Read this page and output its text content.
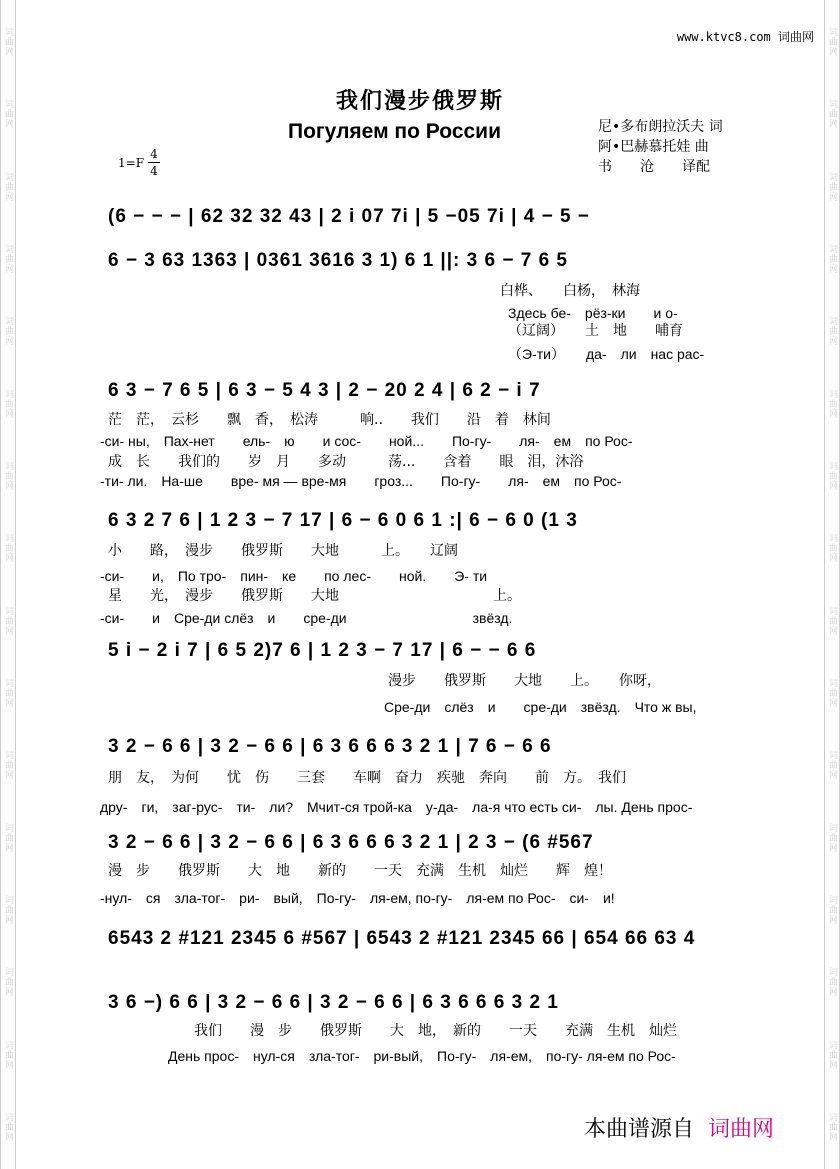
词曲网
词曲网
词曲网
词曲网
词曲网
词曲网
词曲网
词曲网
词曲网
词曲网
词曲网
词曲网
词曲网
词曲网
词曲网
词曲网
词曲网
词曲网
词曲网
词曲网
词曲网
词曲网
词曲网
词曲网
词曲网
词曲网
词曲网
词曲网
词曲网
词曲网
词曲网
词曲网
www.ktvc8.com 词曲网
我们漫步俄罗斯
Погуляем по России	尼•多布朗拉沃夫 词
阿•巴赫慕托娃 曲
书　　沧　　译配
1=F
4
4
(6 − − − | 62 32 32 43 | 2 i 07 7i | 5 −05 7i | 4 − 5 −
6 − 3 63 1363 | 0361 3616 3 1) 6 1 ||: 3 6 − 7 6 5
白桦、　　白杨，　林海
Здесь бе-　рёз-ки　　и о-
（辽阔）　　土　地　　哺育
（Э-ти）　　да-　ли　нас рас-
6 3 − 7 6 5 | 6 3 − 5 4 3 | 2 − 20 2 4 | 6 2 − i 7
茫　茫，　云杉　　飘　香，　松涛　　　响..　　我们　　沿　着　林间
-си- ны,　Пах-нет　　ель-　ю　　и сос-　　ной...　　По-гу-　　ля-　ем　по Рос-
成　长　　我们的　　岁　月　　多动　　　荡...　　含着　　眼　泪，沐浴
-ти- ли.　На-ше　　вре- мя — вре-мя　　гроз...　　По-гу-　　ля-　ем　по Рос-
6 3 2 7 6 | 1 2 3 − 7 17 | 6 − 6 0 6 1 :| 6 − 6 0 (1 3
小　　路，　漫步　　俄罗斯　　大地　　　上。　　辽阔
-си-　　и,　По тро-　пин-　ке　　по лес-　　ной.　　Э- ти
星　　光，　漫步　　俄罗斯　　大地　　　　　　　　　　　上。
-си-　　и　Сре-ди слёз　и　　сре-ди　　　　　　　　　звёзд.
5 i − 2 i 7 | 6 5 2)7 6 | 1 2 3 − 7 17 | 6 − − 6 6
漫步　　俄罗斯　　大地　　上。　　你呀，
Сре-ди　слёз　и　　сре-ди　звёзд.　Что ж вы,
3 2 − 6 6 | 3 2 − 6 6 | 6 3 6 6 6 3 2 1 | 7 6 − 6 6
朋　友，　为何　　忧　伤　　三套　　车啊　奋力　疾驰　奔向　　前　方。　我们
дру-　ги,　заг-рус-　ти-　ли?　Мчит-ся трой-ка　у-да-　ла-я что есть си-　лы. День прос-
3 2 − 6 6 | 3 2 − 6 6 | 6 3 6 6 6 3 2 1 | 2 3 − (6 #567
漫　步　　俄罗斯　　大　地　　新的　　一天　充满　生机　灿烂　　辉　煌！
-нул-　ся　зла-тог-　ри-　вый,　По-гу-　ля-ем, по-гу-　ля-ем по Рос-　си-　и!
6543 2 #121 2345 6 #567 | 6543 2 #121 2345 66 | 654 66 63 4
3 6 −) 6 6 | 3 2 − 6 6 | 3 2 − 6 6 | 6 3 6 6 6 3 2 1
我们　　漫　步　　俄罗斯　　大　地，　新的　　一天　　充满　生机　灿烂
День прос-　нул-ся　зла-тог-　ри-вый,　По-гу-　ля-ем,　по-гу- ля-ем по Рос-
本曲谱源自 词曲网
